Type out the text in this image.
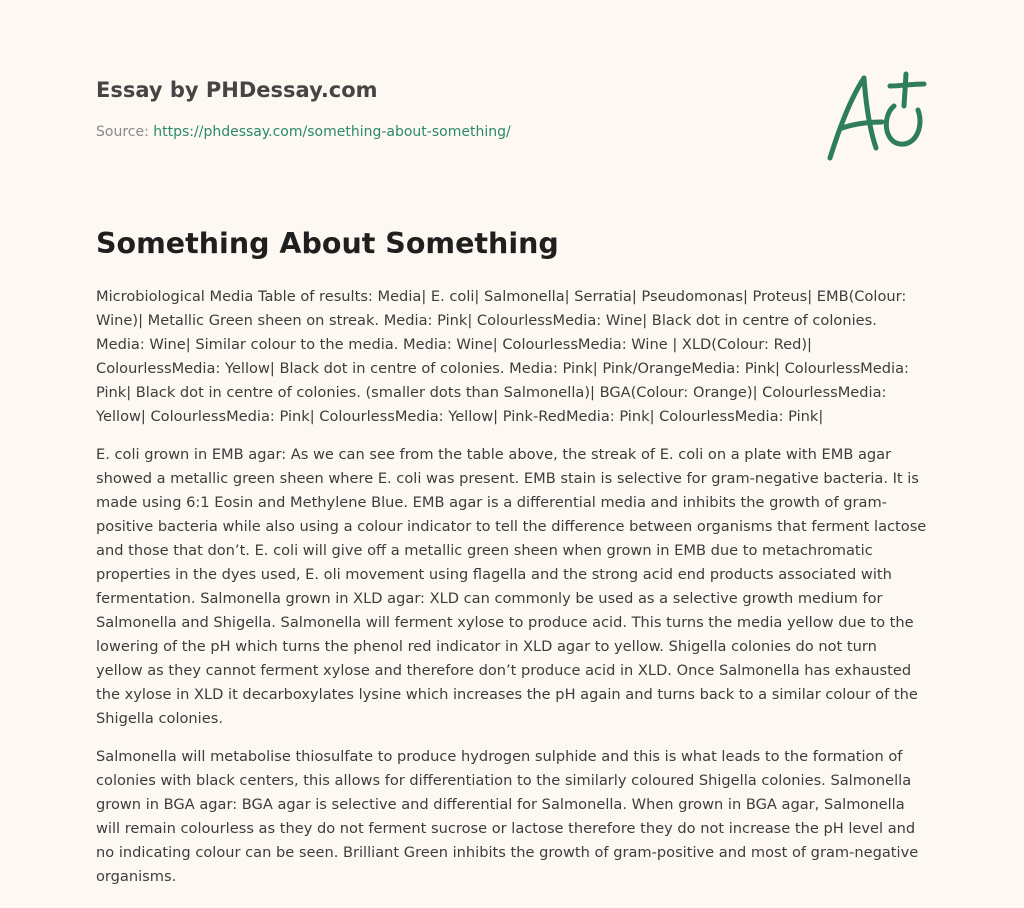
Essay by PHDessay.com
Source: https://phdessay.com/something-about-something/
Something About Something

Microbiological Media Table of results: Media| E. coli| Salmonella| Serratia| Pseudomonas| Proteus| EMB(Colour: Wine)| Metallic Green sheen on streak. Media: Pink| ColourlessMedia: Wine| Black dot in centre of colonies. Media: Wine| Similar colour to the media. Media: Wine| ColourlessMedia: Wine | XLD(Colour: Red)| ColourlessMedia: Yellow| Black dot in centre of colonies. Media: Pink| Pink/OrangeMedia: Pink| ColourlessMedia: Pink| Black dot in centre of colonies. (smaller dots than Salmonella)| BGA(Colour: Orange)| ColourlessMedia: Yellow| ColourlessMedia: Pink| ColourlessMedia: Yellow| Pink-RedMedia: Pink| ColourlessMedia: Pink|

E. coli grown in EMB agar: As we can see from the table above, the streak of E. coli on a plate with EMB agar showed a metallic green sheen where E. coli was present. EMB stain is selective for gram-negative bacteria. It is made using 6:1 Eosin and Methylene Blue. EMB agar is a differential media and inhibits the growth of gram-positive bacteria while also using a colour indicator to tell the difference between organisms that ferment lactose and those that don’t. E. coli will give off a metallic green sheen when grown in EMB due to metachromatic properties in the dyes used, E. oli movement using flagella and the strong acid end products associated with fermentation. Salmonella grown in XLD agar: XLD can commonly be used as a selective growth medium for Salmonella and Shigella. Salmonella will ferment xylose to produce acid. This turns the media yellow due to the lowering of the pH which turns the phenol red indicator in XLD agar to yellow. Shigella colonies do not turn yellow as they cannot ferment xylose and therefore don’t produce acid in XLD. Once Salmonella has exhausted the xylose in XLD it decarboxylates lysine which increases the pH again and turns back to a similar colour of the Shigella colonies.

Salmonella will metabolise thiosulfate to produce hydrogen sulphide and this is what leads to the formation of colonies with black centers, this allows for differentiation to the similarly coloured Shigella colonies. Salmonella grown in BGA agar: BGA agar is selective and differential for Salmonella. When grown in BGA agar, Salmonella will remain colourless as they do not ferment sucrose or lactose therefore they do not increase the pH level and no indicating colour can be seen. Brilliant Green inhibits the growth of gram-positive and most of gram-negative organisms.
